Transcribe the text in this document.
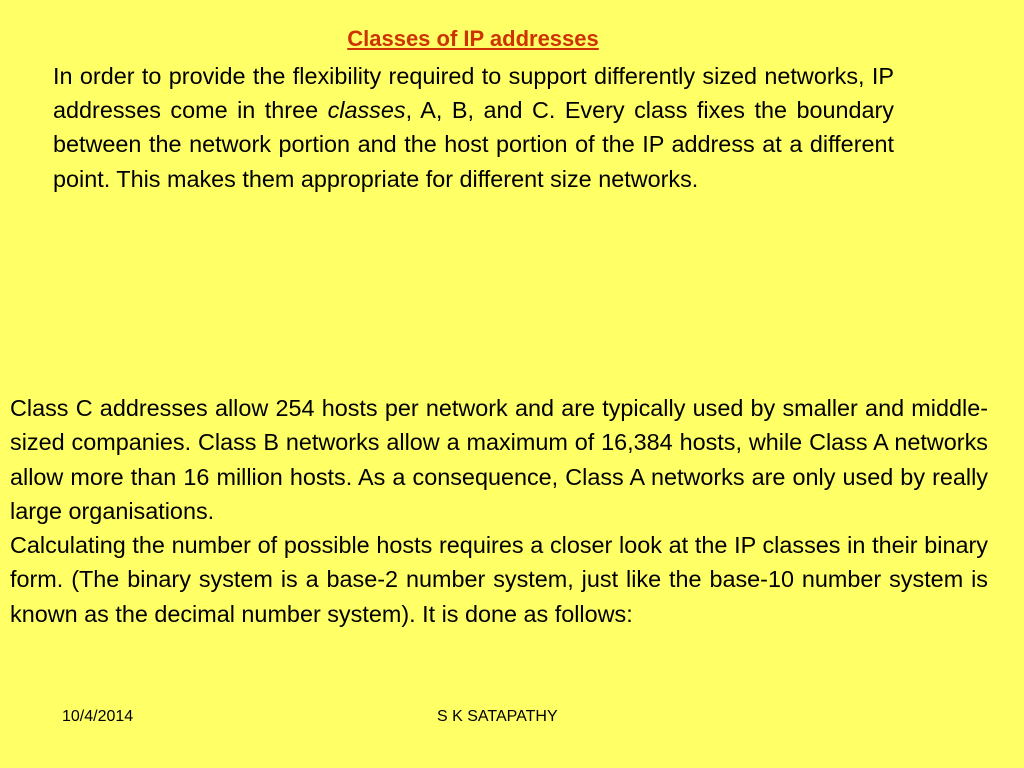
Classes of IP addresses
In order to provide the flexibility required to support differently sized networks, IP addresses come in three classes, A, B, and C. Every class fixes the boundary between the network portion and the host portion of the IP address at a different point. This makes them appropriate for different size networks.

Class C addresses allow 254 hosts per network and are typically used by smaller and middle-sized companies. Class B networks allow a maximum of 16,384 hosts, while Class A networks allow more than 16 million hosts. As a consequence, Class A networks are only used by really large organisations.

Calculating the number of possible hosts requires a closer look at the IP classes in their binary form. (The binary system is a base-2 number system, just like the base-10 number system is known as the decimal number system). It is done as follows:

10/4/2014	S K SATAPATHY
